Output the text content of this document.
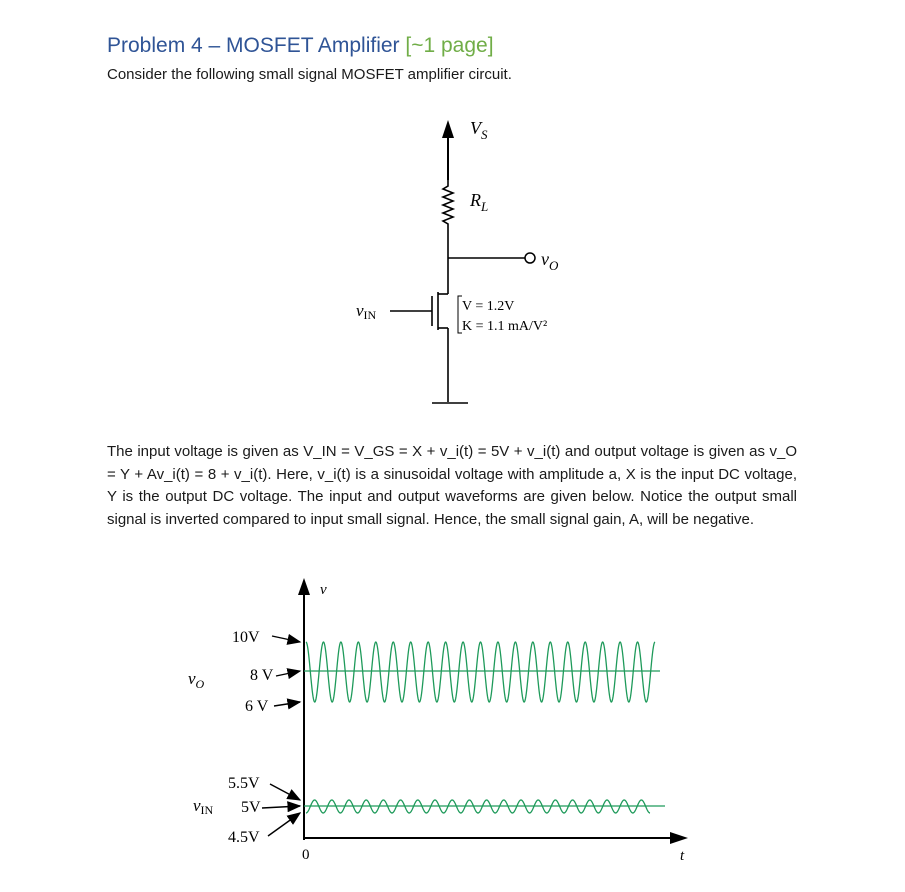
Problem 4 – MOSFET Amplifier [~1 page]
Consider the following small signal MOSFET amplifier circuit.
$V_S$
$R_L$
$v_O$
vIN
V = 1.2V
K = 1.1 mA/V²
The input voltage is given as V_IN = V_GS = X + v_i(t) = 5V + v_i(t) and output voltage is given as v_O = Y + Av_i(t) = 8 + v_i(t). Here, v_i(t) is a sinusoidal voltage with amplitude a, X is the input DC voltage, Y is the output DC voltage. The input and output waveforms are given below. Notice the output small signal is inverted compared to input small signal. Hence, the small signal gain, A, will be negative.
v
t
0
$v_O$
10V
8 V
6 V
vIN
5.5V
5V
4.5V
